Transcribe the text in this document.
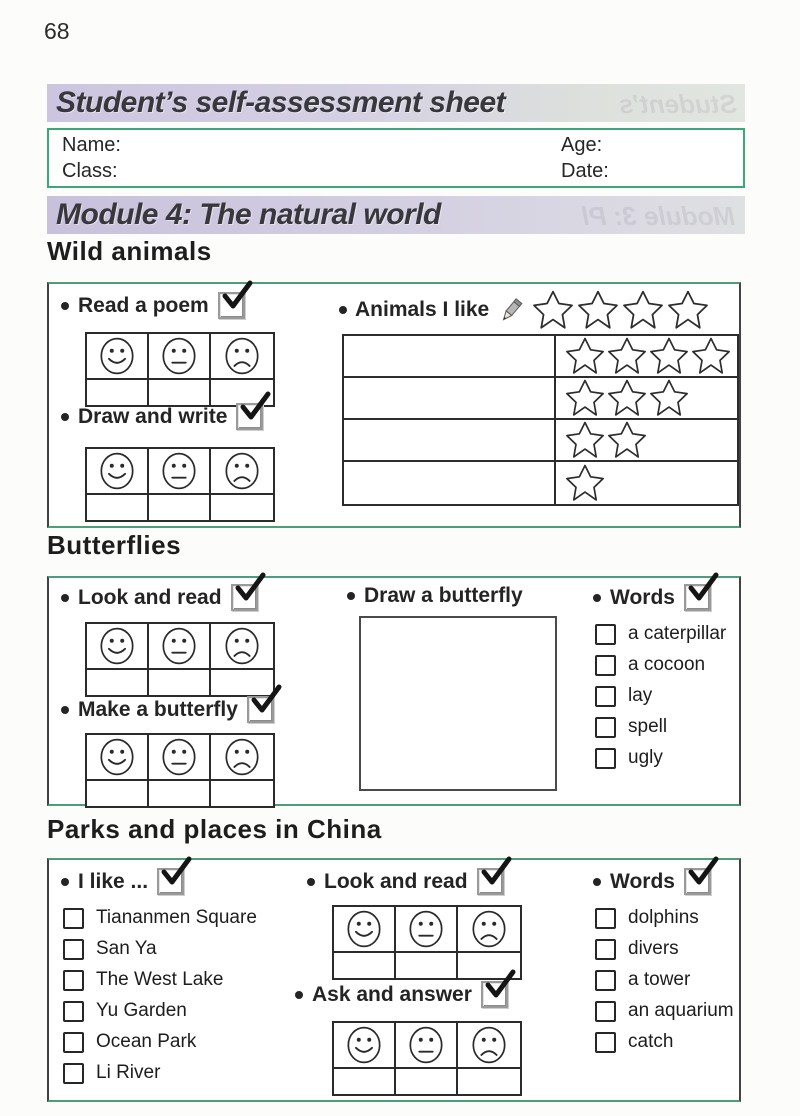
68
Student’s self-assessment sheet	Student’s
Name:	Age:
Class:	Date:
Module 4: The natural world	Module 3: Pl
Wild animals
Read a poem
Draw and write
Animals I like
Butterflies
Look and read
Make a butterfly
Draw a butterfly	Words
a caterpillar
a cocoon
lay
spell
ugly
Parks and places in China
I like ...
Tiananmen Square
San Ya
The West Lake
Yu Garden
Ocean Park
Li River
Look and read
Ask and answer
Words
dolphins
divers
a tower
an aquarium
catch
